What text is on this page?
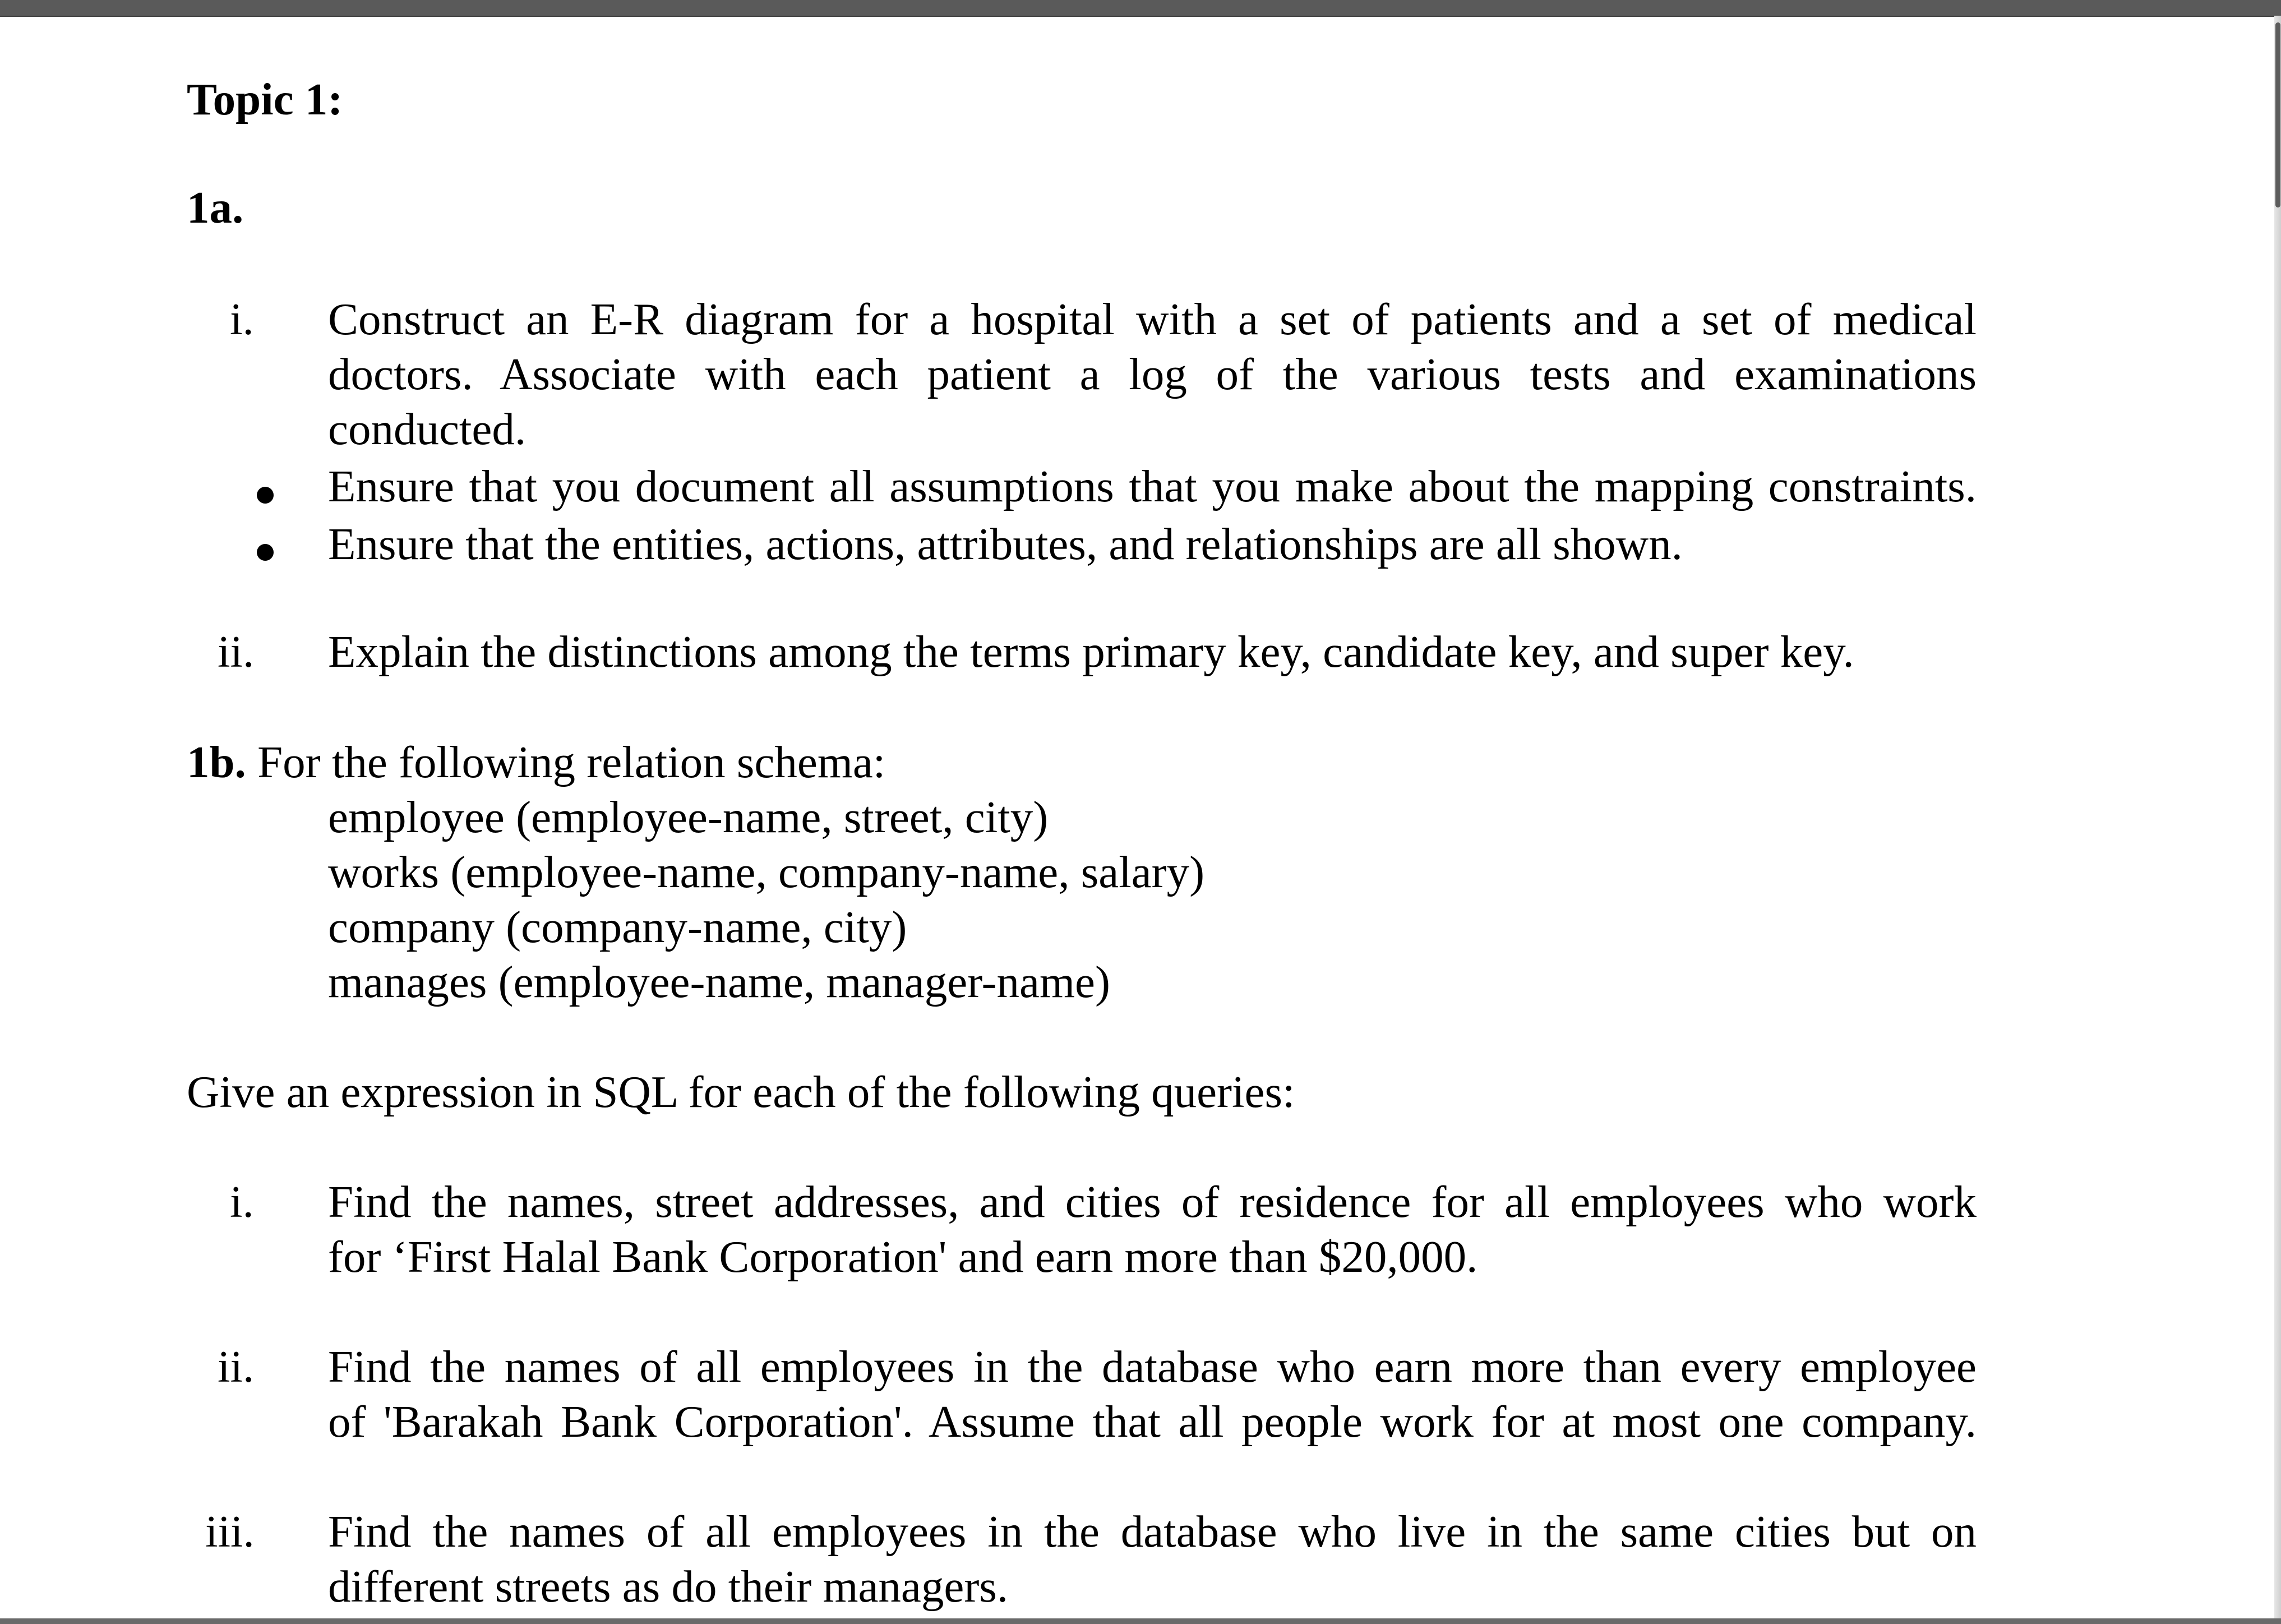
Topic 1:
1a.
i. Construct an E-R diagram for a hospital with a set of patients and a set of medical
doctors. Associate with each patient a log of the various tests and examinations
conducted.
Ensure that you document all assumptions that you make about the mapping constraints.
Ensure that the entities, actions, attributes, and relationships are all shown.
ii. Explain the distinctions among the terms primary key, candidate key, and super key.
1b. For the following relation schema:
employee (employee-name, street, city)
works (employee-name, company-name, salary)
company (company-name, city)
manages (employee-name, manager-name)
Give an expression in SQL for each of the following queries:
i. Find the names, street addresses, and cities of residence for all employees who work
for ‘First Halal Bank Corporation' and earn more than $20,000.
ii. Find the names of all employees in the database who earn more than every employee
of 'Barakah Bank Corporation'. Assume that all people work for at most one company.
iii. Find the names of all employees in the database who live in the same cities but on
different streets as do their managers.
